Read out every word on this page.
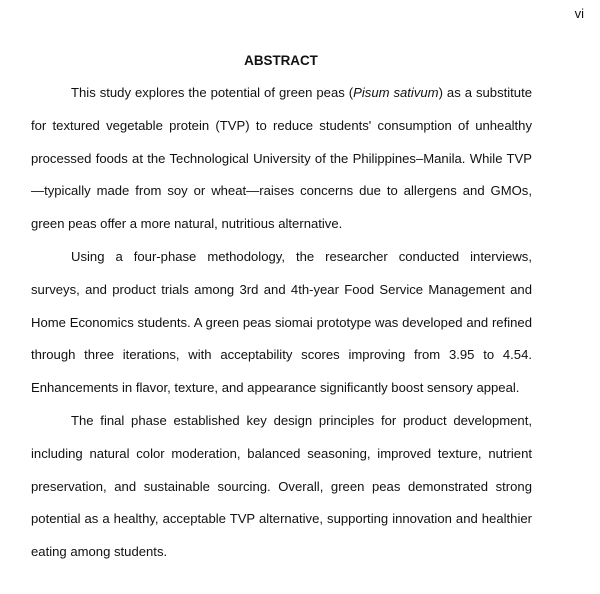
vi

ABSTRACT

This study explores the potential of green peas (Pisum sativum) as a substitute for textured vegetable protein (TVP) to reduce students' consumption of unhealthy processed foods at the Technological University of the Philippines–Manila. While TVP—typically made from soy or wheat—raises concerns due to allergens and GMOs, green peas offer a more natural, nutritious alternative.

Using a four-phase methodology, the researcher conducted interviews, surveys, and product trials among 3rd and 4th-year Food Service Management and Home Economics students. A green peas siomai prototype was developed and refined through three iterations, with acceptability scores improving from 3.95 to 4.54. Enhancements in flavor, texture, and appearance significantly boost sensory appeal.

The final phase established key design principles for product development, including natural color moderation, balanced seasoning, improved texture, nutrient preservation, and sustainable sourcing. Overall, green peas demonstrated strong potential as a healthy, acceptable TVP alternative, supporting innovation and healthier eating among students.
